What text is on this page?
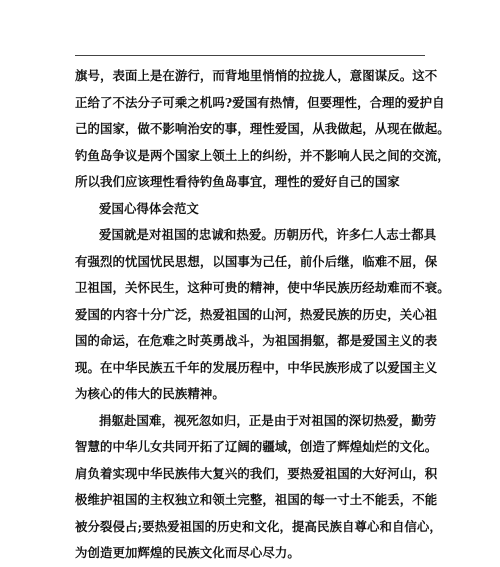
旗号，表面上是在游行，而背地里悄悄的拉拢人，意图谋反。这不
正给了不法分子可乘之机吗?爱国有热情，但要理性，合理的爱护自
己的国家，做不影响治安的事，理性爱国，从我做起，从现在做起。
钓鱼岛争议是两个国家上领土上的纠纷，并不影响人民之间的交流，
所以我们应该理性看待钓鱼岛事宜，理性的爱好自己的国家
爱国心得体会范文
爱国就是对祖国的忠诚和热爱。历朝历代，许多仁人志士都具
有强烈的忧国忧民思想，以国事为己任，前仆后继，临难不屈，保
卫祖国，关怀民生，这种可贵的精神，使中华民族历经劫难而不衰。
爱国的内容十分广泛，热爱祖国的山河，热爱民族的历史，关心祖
国的命运，在危难之时英勇战斗，为祖国捐躯，都是爱国主义的表
现。在中华民族五千年的发展历程中，中华民族形成了以爱国主义
为核心的伟大的民族精神。
捐躯赴国难，视死忽如归，正是由于对祖国的深切热爱，勤劳
智慧的中华儿女共同开拓了辽阔的疆域，创造了辉煌灿烂的文化。
肩负着实现中华民族伟大复兴的我们，要热爱祖国的大好河山，积
极维护祖国的主权独立和领土完整，祖国的每一寸土不能丢，不能
被分裂侵占;要热爱祖国的历史和文化，提高民族自尊心和自信心，
为创造更加辉煌的民族文化而尽心尽力。
